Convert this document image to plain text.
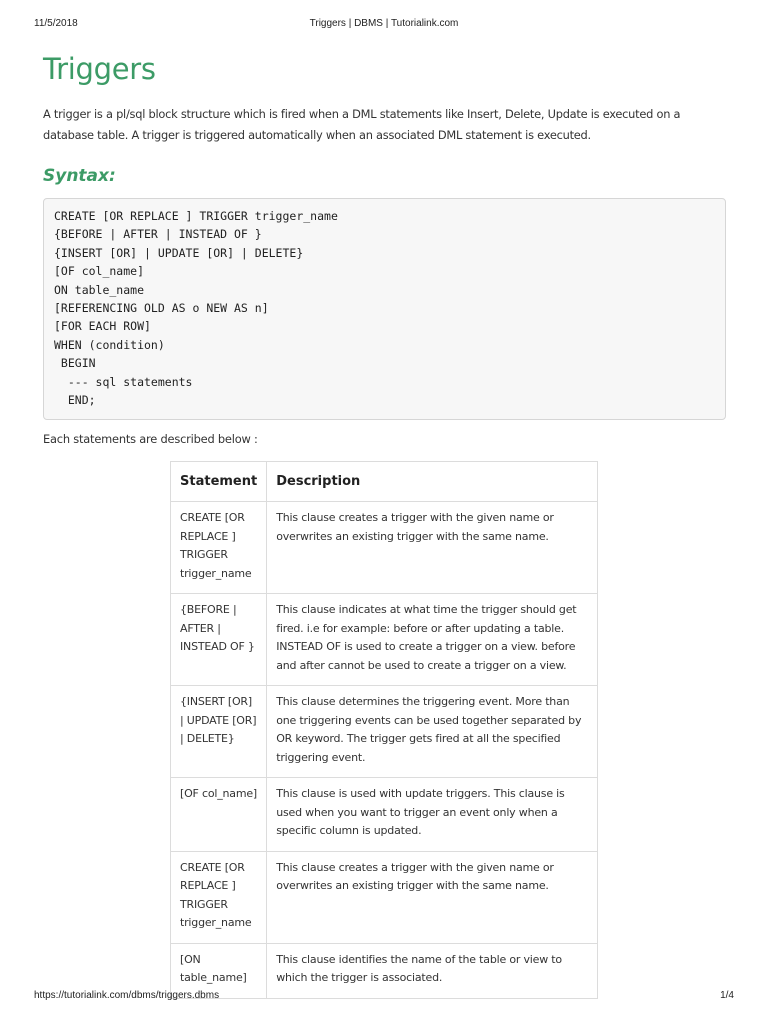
11/5/2018	Triggers | DBMS | Tutorialink.com
Triggers

A trigger is a pl/sql block structure which is fired when a DML statements like Insert, Delete, Update is executed on a database table. A trigger is triggered automatically when an associated DML statement is executed.

Syntax:
CREATE [OR REPLACE ] TRIGGER trigger_name
{BEFORE | AFTER | INSTEAD OF }
{INSERT [OR] | UPDATE [OR] | DELETE}
[OF col_name]
ON table_name
[REFERENCING OLD AS o NEW AS n]
[FOR EACH ROW]
WHEN (condition)
BEGIN
--- sql statements
END;

Each statements are described below :

Statement	Description
CREATE [OR REPLACE ] TRIGGER trigger_name	This clause creates a trigger with the given name or overwrites an existing trigger with the same name.
{BEFORE | AFTER | INSTEAD OF }	This clause indicates at what time the trigger should get fired. i.e for example: before or after updating a table. INSTEAD OF is used to create a trigger on a view. before and after cannot be used to create a trigger on a view.
{INSERT [OR] | UPDATE [OR] | DELETE}	This clause determines the triggering event. More than one triggering events can be used together separated by OR keyword. The trigger gets fired at all the specified triggering event.
[OF col_name]	This clause is used with update triggers. This clause is used when you want to trigger an event only when a specific column is updated.
CREATE [OR REPLACE ] TRIGGER trigger_name	This clause creates a trigger with the given name or overwrites an existing trigger with the same name.
[ON table_name]	This clause identifies the name of the table or view to which the trigger is associated.
https://tutorialink.com/dbms/triggers.dbms	1/4
